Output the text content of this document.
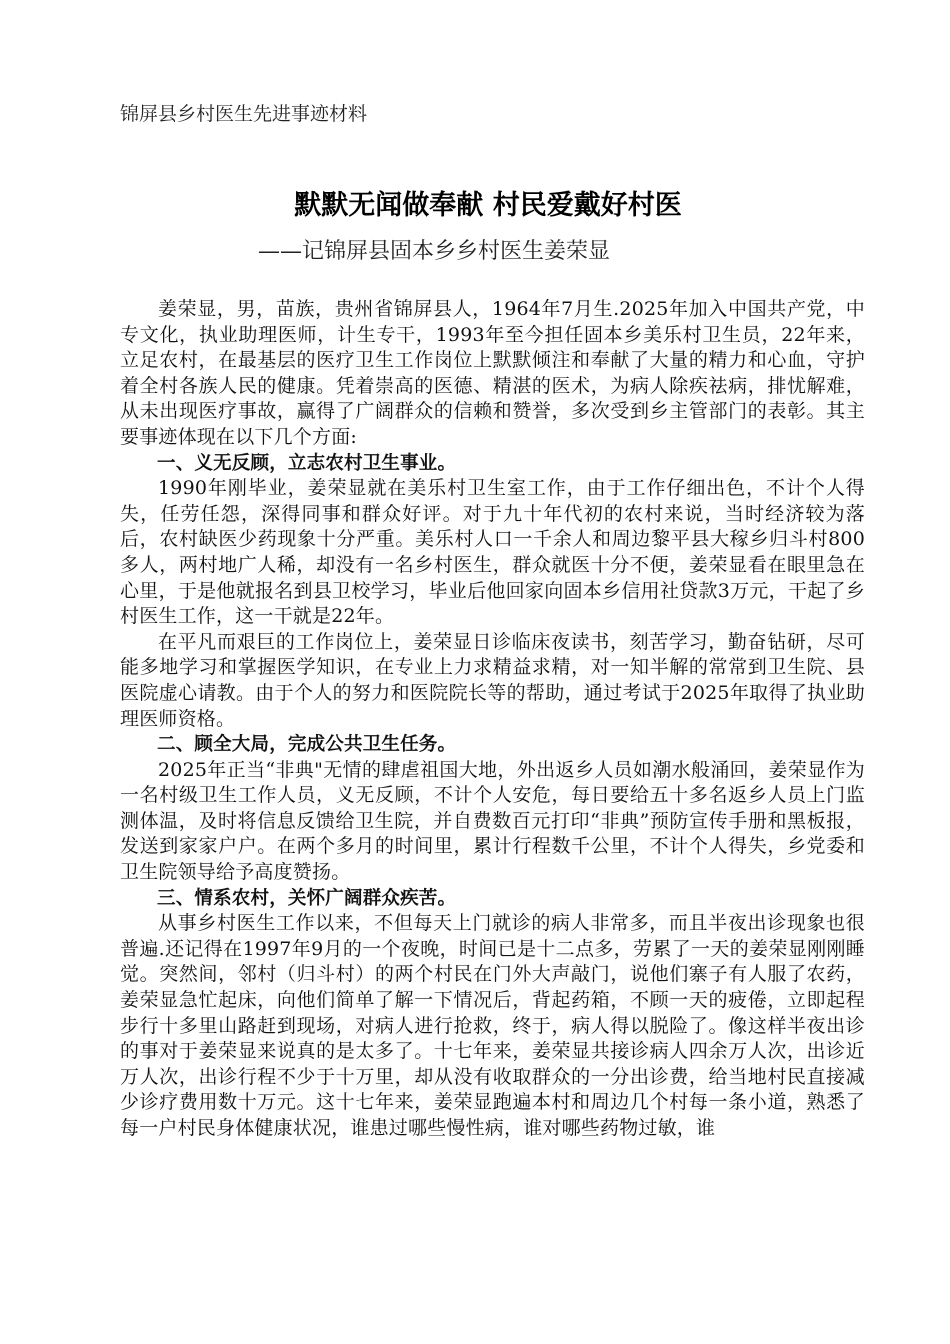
锦屏县乡村医生先进事迹材料
默默无闻做奉献 村民爱戴好村医
——记锦屏县固本乡乡村医生姜荣显

姜荣显，男，苗族，贵州省锦屏县人，1964年7月生.2025年加入中国共产党，中专文化，执业助理医师，计生专干，1993年至今担任固本乡美乐村卫生员，22年来，立足农村，在最基层的医疗卫生工作岗位上默默倾注和奉献了大量的精力和心血，守护着全村各族人民的健康。凭着崇高的医德、精湛的医术，为病人除疾祛病，排忧解难，从未出现医疗事故，赢得了广阔群众的信赖和赞誉，多次受到乡主管部门的表彰。其主要事迹体现在以下几个方面:

一、义无反顾，立志农村卫生事业。

1990年刚毕业，姜荣显就在美乐村卫生室工作，由于工作仔细出色，不计个人得失，任劳任怨，深得同事和群众好评。对于九十年代初的农村来说，当时经济较为落后，农村缺医少药现象十分严重。美乐村人口一千余人和周边黎平县大稼乡归斗村800多人，两村地广人稀，却没有一名乡村医生，群众就医十分不便，姜荣显看在眼里急在心里，于是他就报名到县卫校学习，毕业后他回家向固本乡信用社贷款3万元，干起了乡村医生工作，这一干就是22年。

在平凡而艰巨的工作岗位上，姜荣显日诊临床夜读书，刻苦学习，勤奋钻研，尽可能多地学习和掌握医学知识，在专业上力求精益求精，对一知半解的常常到卫生院、县医院虚心请教。由于个人的努力和医院院长等的帮助，通过考试于2025年取得了执业助理医师资格。

二、顾全大局，完成公共卫生任务。

2025年正当“非典"无情的肆虐祖国大地，外出返乡人员如潮水般涌回，姜荣显作为一名村级卫生工作人员，义无反顾，不计个人安危，每日要给五十多名返乡人员上门监测体温，及时将信息反馈给卫生院，并自费数百元打印“非典”预防宣传手册和黑板报，发送到家家户户。在两个多月的时间里，累计行程数千公里，不计个人得失，乡党委和卫生院领导给予高度赞扬。

三、情系农村，关怀广阔群众疾苦。

从事乡村医生工作以来，不但每天上门就诊的病人非常多，而且半夜出诊现象也很普遍.还记得在1997年9月的一个夜晚，时间已是十二点多，劳累了一天的姜荣显刚刚睡觉。突然间，邻村（归斗村）的两个村民在门外大声敲门，说他们寨子有人服了农药，姜荣显急忙起床，向他们简单了解一下情况后，背起药箱，不顾一天的疲倦，立即起程步行十多里山路赶到现场，对病人进行抢救，终于，病人得以脱险了。像这样半夜出诊的事对于姜荣显来说真的是太多了。十七年来，姜荣显共接诊病人四余万人次，出诊近万人次，出诊行程不少于十万里，却从没有收取群众的一分出诊费，给当地村民直接减少诊疗费用数十万元。这十七年来，姜荣显跑遍本村和周边几个村每一条小道，熟悉了每一户村民身体健康状况，谁患过哪些慢性病，谁对哪些药物过敏，谁
